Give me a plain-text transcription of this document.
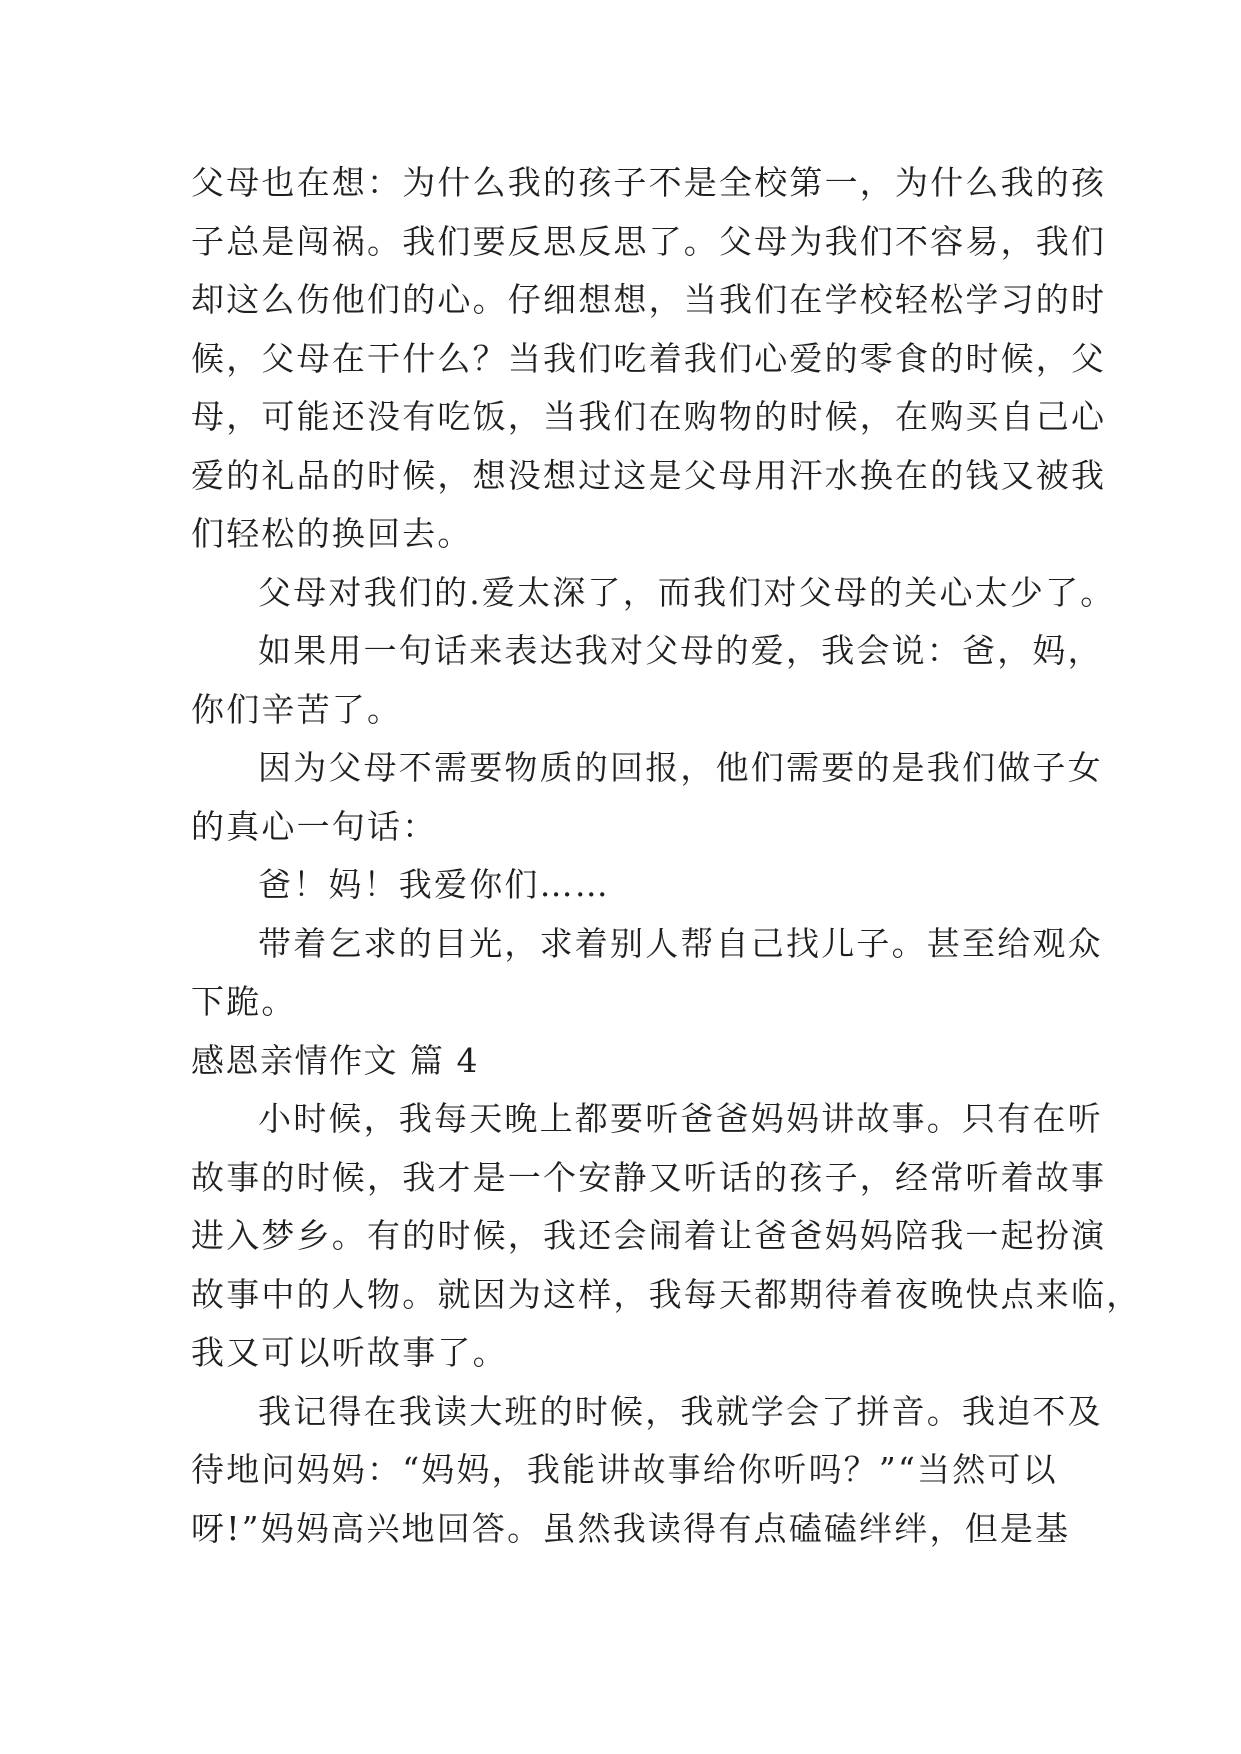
父母也在想：为什么我的孩子不是全校第一，为什么我的孩
子总是闯祸。我们要反思反思了。父母为我们不容易，我们
却这么伤他们的心。仔细想想，当我们在学校轻松学习的时
候，父母在干什么？当我们吃着我们心爱的零食的时候，父
母，可能还没有吃饭，当我们在购物的时候，在购买自己心
爱的礼品的时候，想没想过这是父母用汗水换在的钱又被我
们轻松的换回去。
父母对我们的.爱太深了，而我们对父母的关心太少了。
如果用一句话来表达我对父母的爱，我会说：爸，妈，
你们辛苦了。
因为父母不需要物质的回报，他们需要的是我们做子女
的真心一句话：
爸！妈！我爱你们……
带着乞求的目光，求着别人帮自己找儿子。甚至给观众
下跪。
感恩亲情作文 篇 4
小时候，我每天晚上都要听爸爸妈妈讲故事。只有在听
故事的时候，我才是一个安静又听话的孩子，经常听着故事
进入梦乡。有的时候，我还会闹着让爸爸妈妈陪我一起扮演
故事中的人物。就因为这样，我每天都期待着夜晚快点来临，
我又可以听故事了。
我记得在我读大班的时候，我就学会了拼音。我迫不及
待地问妈妈：“妈妈，我能讲故事给你听吗？”“当然可以
呀!”妈妈高兴地回答。虽然我读得有点磕磕绊绊，但是基
